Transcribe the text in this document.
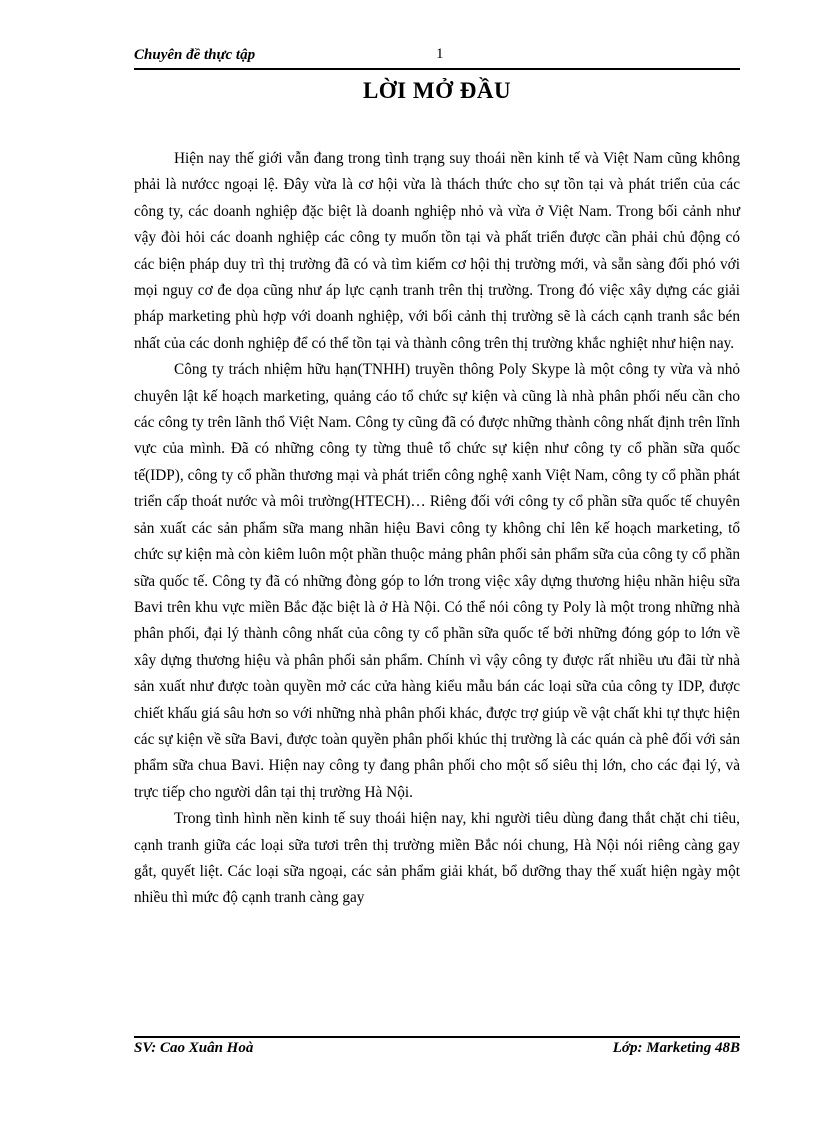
Chuyên đề thực tập	1
LỜI MỞ ĐẦU

Hiện nay thế giới vẫn đang trong tình trạng suy thoái nền kinh tế và Việt Nam cũng không phải là nướcc ngoại lệ. Đây vừa là cơ hội vừa là thách thức cho sự tồn tại và phát triển của các công ty, các doanh nghiệp đặc biệt là doanh nghiệp nhỏ và vừa ở Việt Nam. Trong bối cảnh như vậy đòi hỏi các doanh nghiệp các công ty muốn tồn tại và phất triển được cần phải chủ động có các biện pháp duy trì thị trường đã có và tìm kiếm cơ hội thị trường mới, và sẵn sàng đối phó với mọi nguy cơ đe dọa cũng như áp lực cạnh tranh trên thị trường. Trong đó việc xây dựng các giải pháp marketing phù hợp với doanh nghiệp, với bối cảnh thị trường sẽ là cách cạnh tranh sắc bén nhất của các donh nghiệp để có thể tồn tại và thành công trên thị trường khắc nghiệt như hiện nay.

Công ty trách nhiệm hữu hạn(TNHH) truyền thông Poly Skype là một công ty vừa và nhỏ chuyên lật kế hoạch marketing, quảng cáo tổ chức sự kiện và cũng là nhà phân phối nếu cần cho các công ty trên lãnh thổ Việt Nam. Công ty cũng đã có được những thành công nhất định trên lĩnh vực của mình. Đã có những công ty từng thuê tổ chức sự kiện như công ty cổ phần sữa quốc tế(IDP), công ty cổ phần thương mại và phát triển công nghệ xanh Việt Nam, công ty cổ phần phát triển cấp thoát nước và môi trường(HTECH)… Riêng đối với công ty cổ phần sữa quốc tế chuyên sản xuất các sản phẩm sữa mang nhãn hiệu Bavi công ty không chỉ lên kế hoạch marketing, tổ chức sự kiện mà còn kiêm luôn một phần thuộc mảng phân phối sản phẩm sữa của công ty cổ phần sữa quốc tế. Công ty đã có những đòng góp to lớn trong việc xây dựng thương hiệu nhãn hiệu sữa Bavi trên khu vực miền Bắc đặc biệt là ở Hà Nội. Có thể nói công ty Poly là một trong những nhà phân phối, đại lý thành công nhất của công ty cổ phần sữa quốc tế bởi những đóng góp to lớn về xây dựng thương hiệu và phân phối sản phẩm. Chính vì vậy công ty được rất nhiều ưu đãi từ nhà sản xuất như được toàn quyền mở các cửa hàng kiểu mẫu bán các loại sữa của công ty IDP, được chiết khấu giá sâu hơn so với những nhà phân phối khác, được trợ giúp về vật chất khi tự thực hiện các sự kiện về sữa Bavi, được toàn quyền phân phối khúc thị trường là các quán cà phê đối với sản phẩm sữa chua Bavi. Hiện nay công ty đang phân phối cho một số siêu thị lớn, cho các đại lý, và trực tiếp cho người dân tại thị trường Hà Nội.

Trong tình hình nền kinh tế suy thoái hiện nay, khi người tiêu dùng đang thắt chặt chi tiêu, cạnh tranh giữa các loại sữa tươi trên thị trường miền Bắc nói chung, Hà Nội nói riêng càng gay gắt, quyết liệt. Các loại sữa ngoại, các sản phẩm giải khát, bổ dưỡng thay thế xuất hiện ngày một nhiều thì mức độ cạnh tranh càng gay

SV: Cao Xuân Hoà	Lớp: Marketing 48B
